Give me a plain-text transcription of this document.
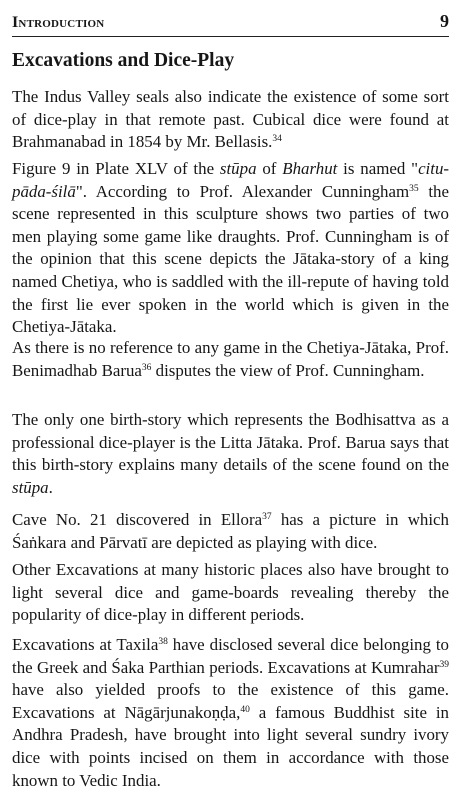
Introduction	9
Excavations and Dice-Play

The Indus Valley seals also indicate the existence of some sort of dice-play in that remote past. Cubical dice were found at Brahmanabad in 1854 by Mr. Bellasis.$^{34}$

Figure 9 in Plate XLV of the stūpa of Bharhut is named "citu-pāda-śilā". According to Prof. Alexander Cunningham$^{35}$ the scene represented in this sculpture shows two parties of two men playing some game like draughts. Prof. Cunningham is of the opinion that this scene depicts the Jātaka-story of a king named Chetiya, who is saddled with the ill-repute of having told the first lie ever spoken in the world which is given in the Chetiya-Jātaka.

As there is no reference to any game in the Chetiya-Jātaka, Prof. Benimadhab Barua$^{36}$ disputes the view of Prof. Cunningham.

The only one birth-story which represents the Bodhisattva as a professional dice-player is the Litta Jātaka. Prof. Barua says that this birth-story explains many details of the scene found on the stūpa.

Cave No. 21 discovered in Ellora$^{37}$ has a picture in which Śaṅkara and Pārvatī are depicted as playing with dice.

Other Excavations at many historic places also have brought to light several dice and game-boards revealing thereby the popularity of dice-play in different periods.

Excavations at Taxila$^{38}$ have disclosed several dice belonging to the Greek and Śaka Parthian periods. Excavations at Kumrahar$^{39}$ have also yielded proofs to the existence of this game. Excavations at Nāgārjunakoṇḍa,$^{40}$ a famous Buddhist site in Andhra Pradesh, have brought into light several sundry ivory dice with points incised on them in accordance with those known to Vedic India.
